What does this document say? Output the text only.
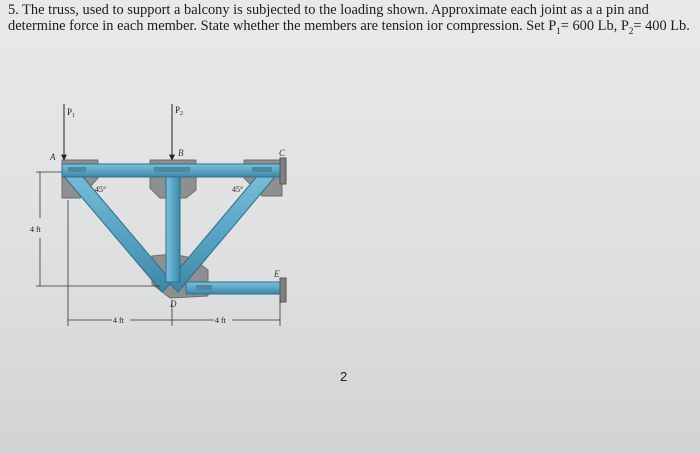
5. The truss, used to support a balcony is subjected to the loading shown. Approximate each joint as a a pin and determine force in each member. State whether the members are tension ior compression. Set $P_1= 600$ Lb, $P_2= 400$ Lb.

$P_1$
$P_2$
A	B	C
D
E
45°	45°
4 ft
4 ft	4 ft
2
